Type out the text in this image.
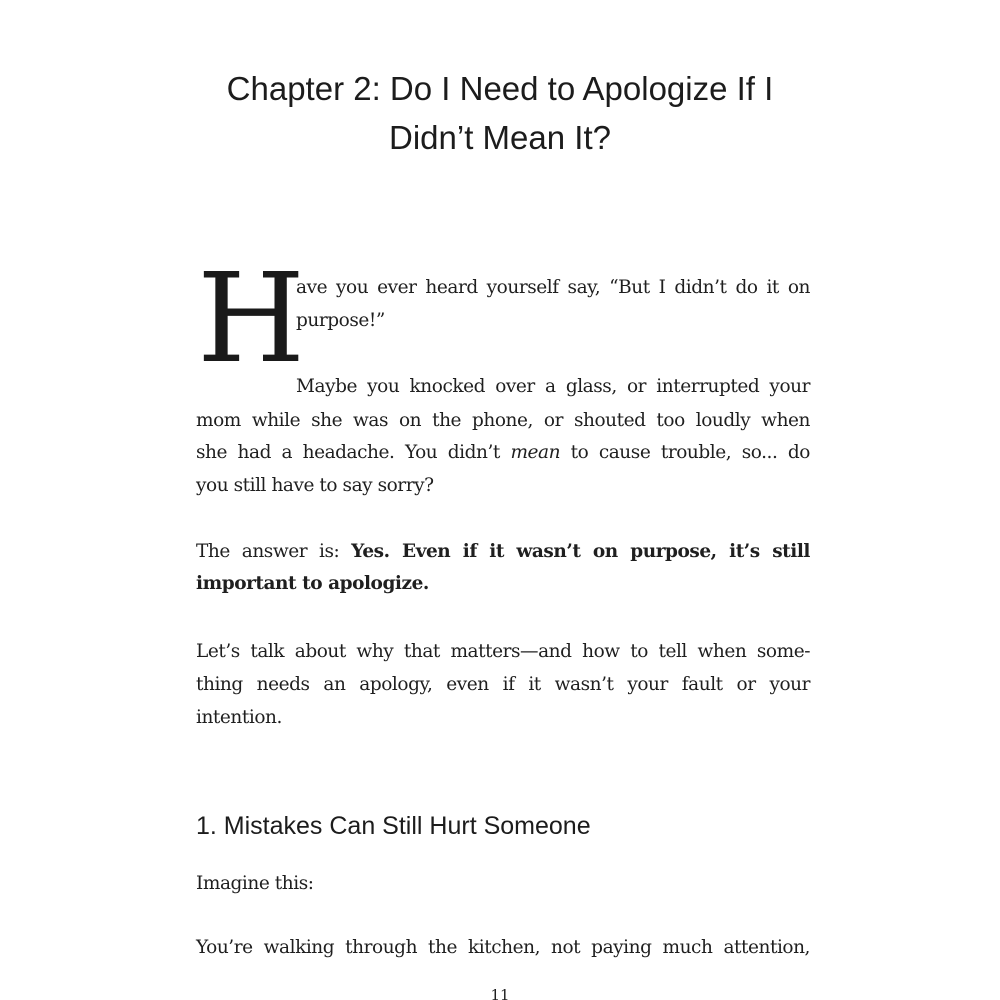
Chapter 2: Do I Need to Apologize If I
Didn’t Mean It?
H
ave you ever heard yourself say, “But I didn’t do it on
purpose!”
Maybe you knocked over a glass, or interrupted your
mom while she was on the phone, or shouted too loudly when
she had a headache. You didn’t mean to cause trouble, so... do
you still have to say sorry?
The answer is: Yes. Even if it wasn’t on purpose, it’s still
important to apologize.
Let’s talk about why that matters—and how to tell when some-
thing needs an apology, even if it wasn’t your fault or your
intention.
1. Mistakes Can Still Hurt Someone
Imagine this:
You’re walking through the kitchen, not paying much attention,
11
